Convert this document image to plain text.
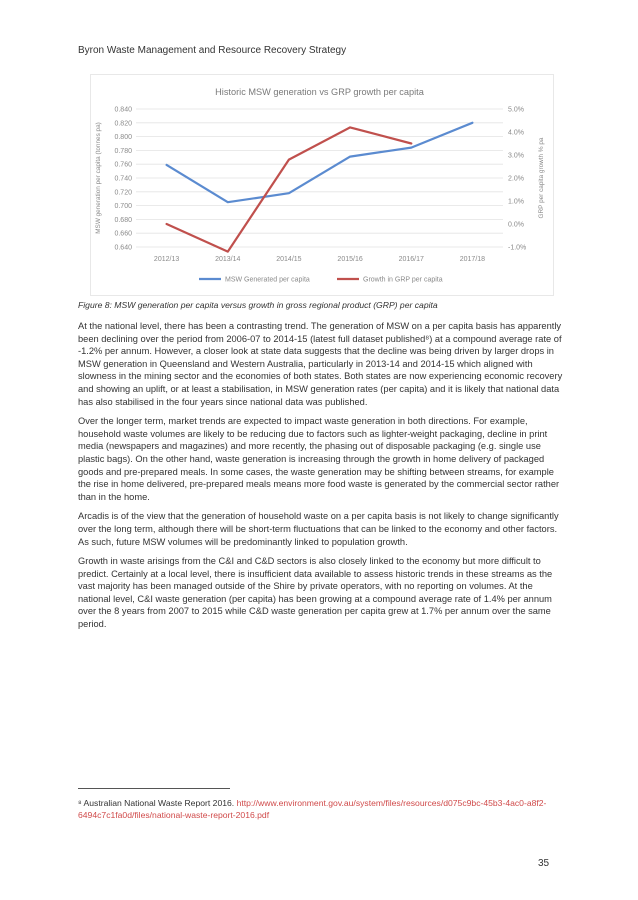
Byron Waste Management and Resource Recovery Strategy
Historic MSW generation vs GRP growth per capita
0.840
0.820
0.800
0.780
0.760
0.740
0.720
0.700
0.680
0.660
0.640
5.0%
4.0%
3.0%
2.0%
1.0%
0.0%
-1.0%
2012/13	2013/14	2014/15	2015/16	2016/17	2017/18
MSW generation per capita (tonnes pa)	GRP per capita growth % pa
MSW Generated per capita	Growth in GRP per capita
Figure 8: MSW generation per capita versus growth in gross regional product (GRP) per capita

At the national level, there has been a contrasting trend. The generation of MSW on a per capita basis has apparently been declining over the period from 2006-07 to 2014-15 (latest full dataset published⁸) at a compound average rate of -1.2% per annum. However, a closer look at state data suggests that the decline was being driven by larger drops in MSW generation in Queensland and Western Australia, particularly in 2013-14 and 2014-15 which aligned with slowness in the mining sector and the economies of both states. Both states are now experiencing economic recovery and showing an uplift, or at least a stabilisation, in MSW generation rates (per capita) and it is likely that national data has also stabilised in the four years since national data was published.

Over the longer term, market trends are expected to impact waste generation in both directions. For example, household waste volumes are likely to be reducing due to factors such as lighter-weight packaging, decline in print media (newspapers and magazines) and more recently, the phasing out of disposable packaging (e.g. single use plastic bags). On the other hand, waste generation is increasing through the growth in home delivery of packaged goods and pre-prepared meals. In some cases, the waste generation may be shifting between streams, for example the rise in home delivered, pre-prepared meals means more food waste is generated by the commercial sector rather than in the home.

Arcadis is of the view that the generation of household waste on a per capita basis is not likely to change significantly over the long term, although there will be short-term fluctuations that can be linked to the economy and other factors. As such, future MSW volumes will be predominantly linked to population growth.

Growth in waste arisings from the C&I and C&D sectors is also closely linked to the economy but more difficult to predict. Certainly at a local level, there is insufficient data available to assess historic trends in these streams as the vast majority has been managed outside of the Shire by private operators, with no reporting on volumes. At the national level, C&I waste generation (per capita) has been growing at a compound average rate of 1.4% per annum over the 8 years from 2007 to 2015 while C&D waste generation per capita grew at 1.7% per annum over the same period.

⁸ Australian National Waste Report 2016. http://www.environment.gov.au/system/files/resources/d075c9bc-45b3-4ac0-a8f2-6494c7c1fa0d/files/national-waste-report-2016.pdf
35
